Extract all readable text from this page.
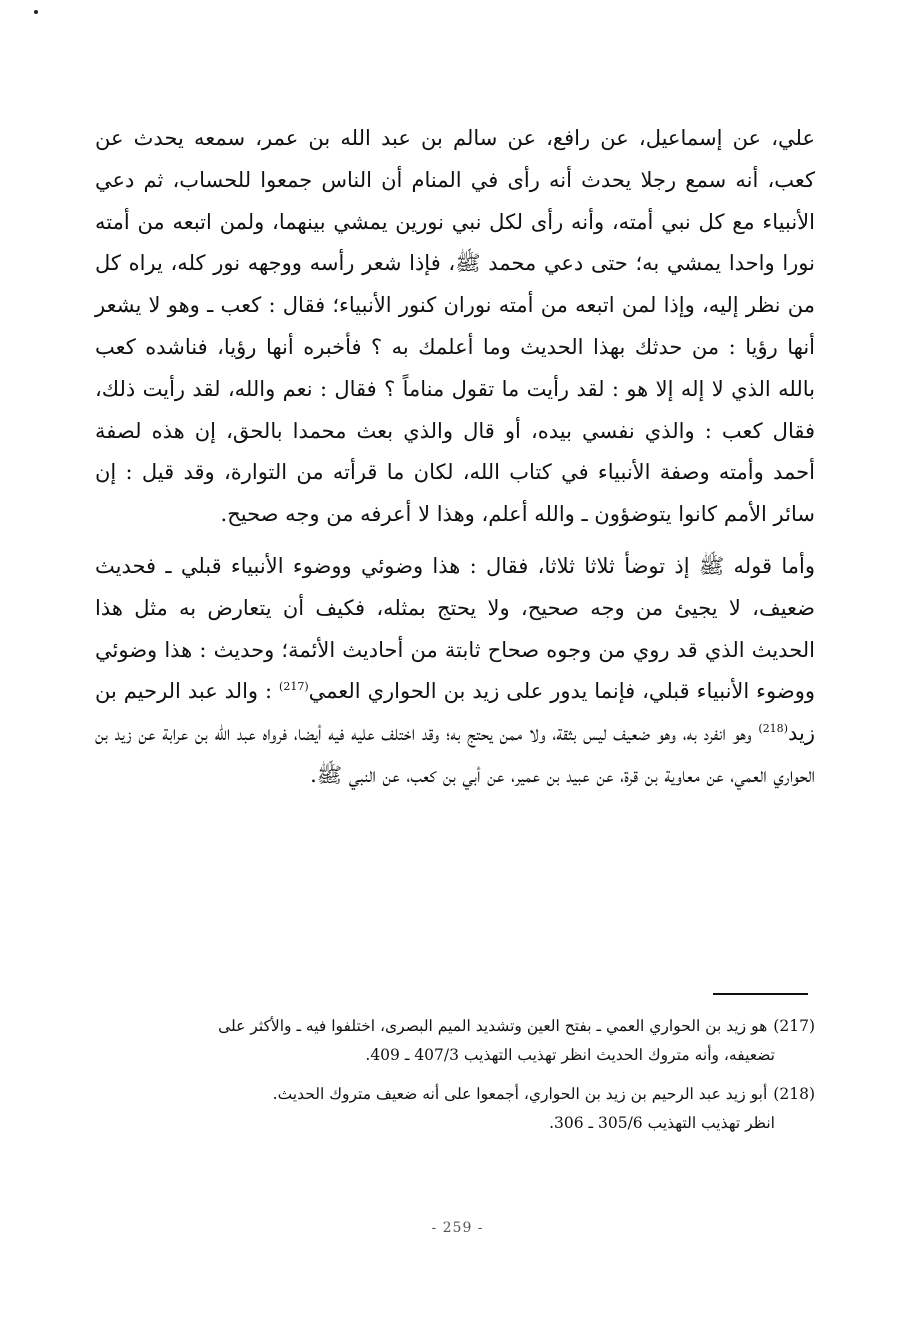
علي، عن إسماعيل، عن رافع، عن سالم بن عبد الله بن عمر، سمعه يحدث عن كعب، أنه سمع رجلا يحدث أنه رأى في المنام أن الناس جمعوا للحساب، ثم دعي الأنبياء مع كل نبي أمته، وأنه رأى لكل نبي نورين يمشي بينهما، ولمن اتبعه من أمته نورا واحدا يمشي به؛ حتى دعي محمد ﷺ، فإذا شعر رأسه ووجهه نور كله، يراه كل من نظر إليه، وإذا لمن اتبعه من أمته نوران كنور الأنبياء؛ فقال : كعب ـ وهو لا يشعر أنها رؤيا : من حدثك بهذا الحديث وما أعلمك به ؟ فأخبره أنها رؤيا، فناشده كعب بالله الذي لا إله إلا هو : لقد رأيت ما تقول مناماً ؟ فقال : نعم والله، لقد رأيت ذلك، فقال كعب : والذي نفسي بيده، أو قال والذي بعث محمدا بالحق، إن هذه لصفة أحمد وأمته وصفة الأنبياء في كتاب الله، لكان ما قرأته من التوارة، وقد قيل : إن سائر الأمم كانوا يتوضؤون ـ والله أعلم، وهذا لا أعرفه من وجه صحيح.

وأما قوله ﷺ إذ توضأ ثلاثا ثلاثا، فقال : هذا وضوئي ووضوء الأنبياء قبلي ـ فحديث ضعيف، لا يجيئ من وجه صحيح، ولا يحتج بمثله، فكيف أن يتعارض به مثل هذا الحديث الذي قد روي من وجوه صحاح ثابتة من أحاديث الأئمة؛ وحديث : هذا وضوئي ووضوء الأنبياء قبلي، فإنما يدور على زيد بن الحواري العمي$^{(217)}$ : والد عبد الرحيم بن زيد$^{(218)}$ وهو انفرد به، وهو ضعيف ليس بثقة، ولا ممن يحتج به؛ وقد اختلف عليه فيه أيضا، فرواه عبد الله بن عرابة عن زيد بن الحواري العمي، عن معاوية بن قرة، عن عبيد بن عمير، عن أبي بن كعب، عن النبي ﷺ.

(217)هو زيد بن الحواري العمي ـ بفتح العين وتشديد الميم البصرى، اختلفوا فيه ـ والأكثر على
تضعيفه، وأنه متروك الحديث انظر تهذيب التهذيب 407/3 ـ 409.

(218)أبو زيد عبد الرحيم بن زيد بن الحواري، أجمعوا على أنه ضعيف متروك الحديث.
انظر تهذيب التهذيب 305/6 ـ 306.

- 259 -
